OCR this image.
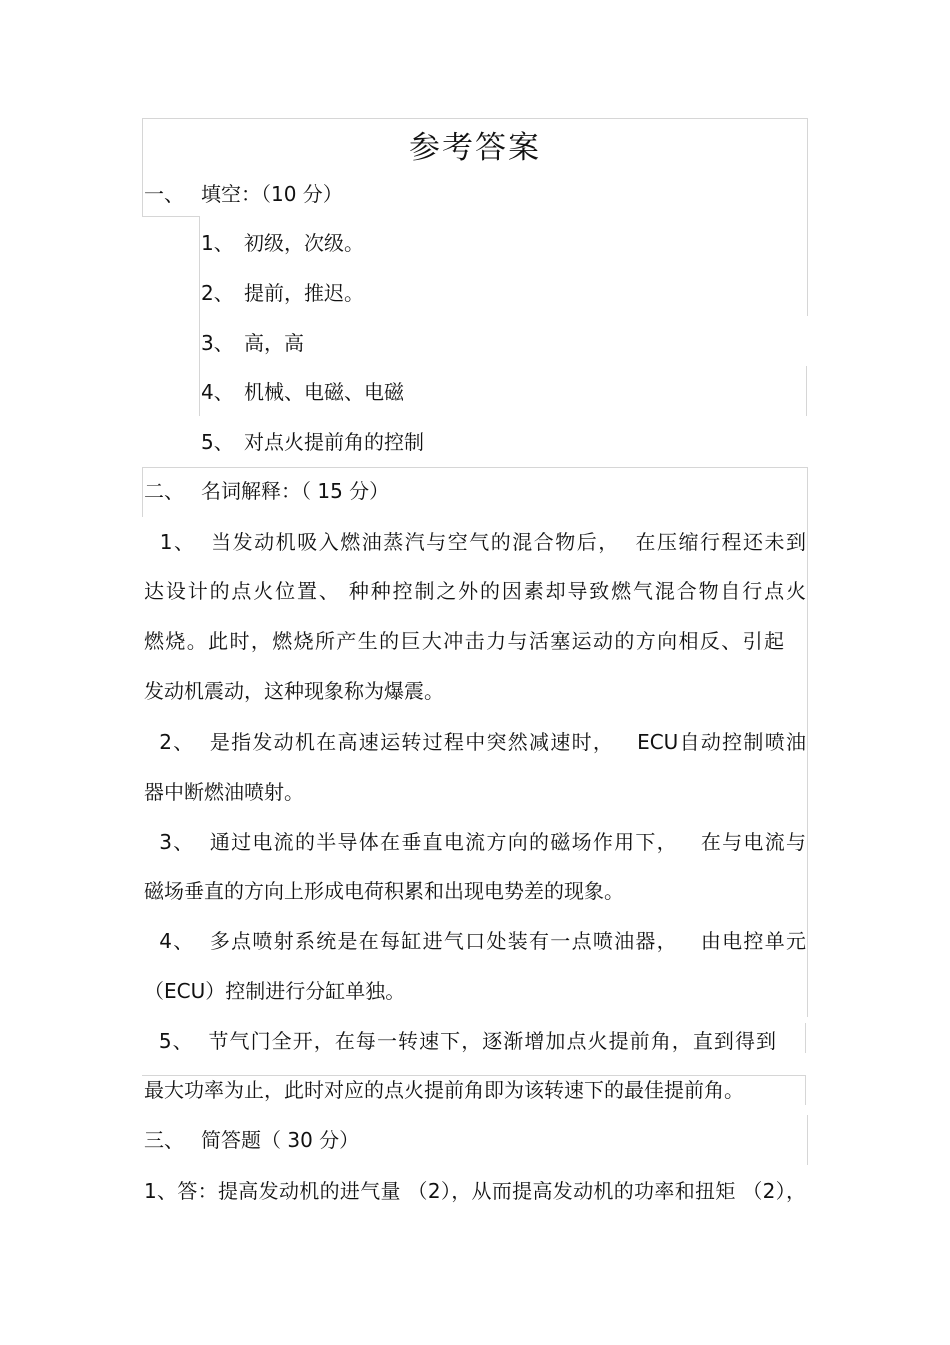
参考答案
一、 填空：（10 分）
1、 初级，次级。
2、 提前，推迟。
3、 高，高
4、 机械、电磁、电磁
5、 对点火提前角的控制
二、 名词解释：（ 15 分）
1、  当发动机吸入燃油蒸汽与空气的混合物后，  在压缩行程还未到
达设计的点火位置、 种种控制之外的因素却导致燃气混合物自行点火
燃烧。此时，燃烧所产生的巨大冲击力与活塞运动的方向相反、引起
发动机震动，这种现象称为爆震。
2、  是指发动机在高速运转过程中突然减速时，   ECU自动控制喷油
器中断燃油喷射。
3、  通过电流的半导体在垂直电流方向的磁场作用下，   在与电流与
磁场垂直的方向上形成电荷积累和出现电势差的现象。
4、  多点喷射系统是在每缸进气口处装有一点喷油器，   由电控单元
（ECU）控制进行分缸单独。
5、  节气门全开，在每一转速下，逐渐增加点火提前角，直到得到
最大功率为止，此时对应的点火提前角即为该转速下的最佳提前角。
三、 简答题（ 30 分）
1、答：提高发动机的进气量 （2），从而提高发动机的功率和扭矩 （2），
